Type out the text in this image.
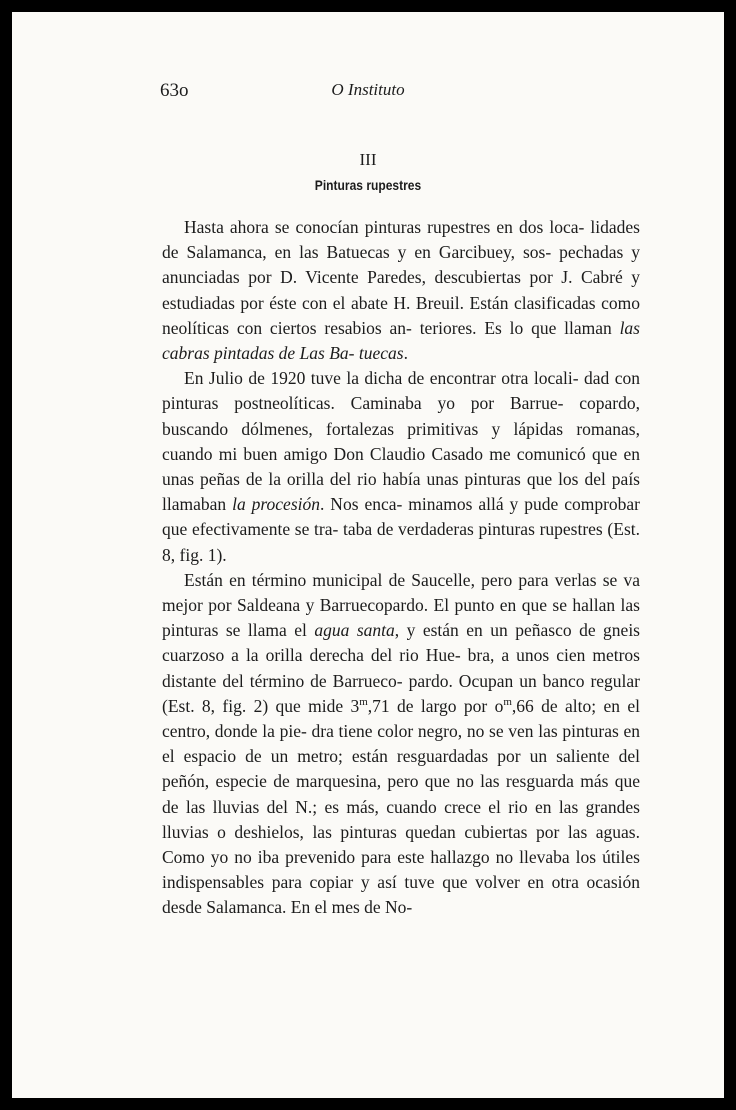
63o	O Instituto
III
Pinturas rupestres

Hasta ahora se conocían pinturas rupestres en dos loca- lidades de Salamanca, en las Batuecas y en Garcibuey, sos- pechadas y anunciadas por D. Vicente Paredes, descubiertas por J. Cabré y estudiadas por éste con el abate H. Breuil. Están clasificadas como neolíticas con ciertos resabios an- teriores. Es lo que llaman las cabras pintadas de Las Ba- tuecas.

En Julio de 1920 tuve la dicha de encontrar otra locali- dad con pinturas postneolíticas. Caminaba yo por Barrue- copardo, buscando dólmenes, fortalezas primitivas y lápidas romanas, cuando mi buen amigo Don Claudio Casado me comunicó que en unas peñas de la orilla del rio había unas pinturas que los del país llamaban la procesión. Nos enca- minamos allá y pude comprobar que efectivamente se tra- taba de verdaderas pinturas rupestres (Est. 8, fig. 1).

Están en término municipal de Saucelle, pero para verlas se va mejor por Saldeana y Barruecopardo. El punto en que se hallan las pinturas se llama el agua santa, y están en un peñasco de gneis cuarzoso a la orilla derecha del rio Hue- bra, a unos cien metros distante del término de Barrueco- pardo. Ocupan un banco regular (Est. 8, fig. 2) que mide 3$^m$,71 de largo por $o^m,66$ de alto; en el centro, donde la pie- dra tiene color negro, no se ven las pinturas en el espacio de un metro; están resguardadas por un saliente del peñón, especie de marquesina, pero que no las resguarda más que de las lluvias del N.; es más, cuando crece el rio en las grandes lluvias o deshielos, las pinturas quedan cubiertas por las aguas. Como yo no iba prevenido para este hallazgo no llevaba los útiles indispensables para copiar y así tuve que volver en otra ocasión desde Salamanca. En el mes de No-
